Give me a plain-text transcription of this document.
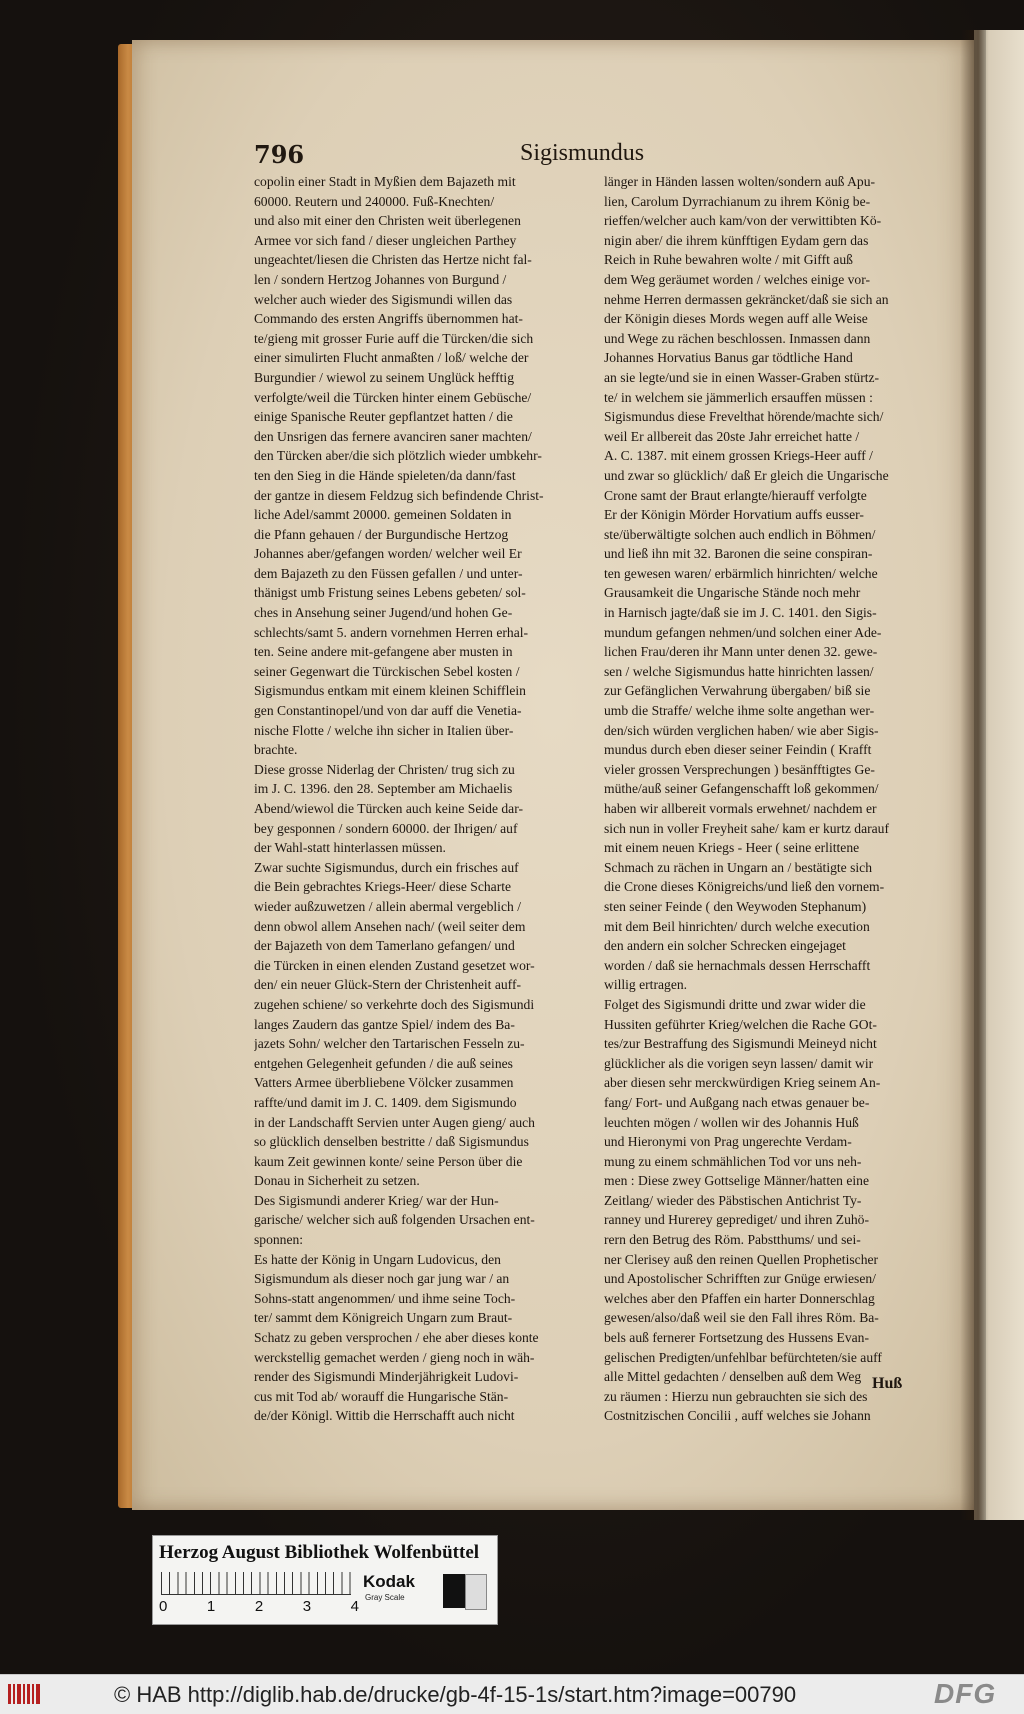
796	Sigismundus
copolin einer Stadt in Myßien dem Bajazeth mit
60000. Reutern und 240000. Fuß-Knechten/
und also mit einer den Christen weit überlegenen
Armee vor sich fand / dieser ungleichen Parthey
ungeachtet/liesen die Christen das Hertze nicht fal-
len / sondern Hertzog Johannes von Burgund /
welcher auch wieder des Sigismundi willen das
Commando des ersten Angriffs übernommen hat-
te/gieng mit grosser Furie auff die Türcken/die sich
einer simulirten Flucht anmaßten / loß/ welche der
Burgundier / wiewol zu seinem Unglück hefftig
verfolgte/weil die Türcken hinter einem Gebüsche/
einige Spanische Reuter gepflantzet hatten / die
den Unsrigen das fernere avanciren saner machten/
den Türcken aber/die sich plötzlich wieder umbkehr-
ten den Sieg in die Hände spieleten/da dann/fast
der gantze in diesem Feldzug sich befindende Christ-
liche Adel/sammt 20000. gemeinen Soldaten in
die Pfann gehauen / der Burgundische Hertzog
Johannes aber/gefangen worden/ welcher weil Er
dem Bajazeth zu den Füssen gefallen / und unter-
thänigst umb Fristung seines Lebens gebeten/ sol-
ches in Ansehung seiner Jugend/und hohen Ge-
schlechts/samt 5. andern vornehmen Herren erhal-
ten. Seine andere mit-gefangene aber musten in
seiner Gegenwart die Türckischen Sebel kosten /
Sigismundus entkam mit einem kleinen Schifflein
gen Constantinopel/und von dar auff die Venetia-
nische Flotte / welche ihn sicher in Italien über-
brachte.
Diese grosse Niderlag der Christen/ trug sich zu
im J. C. 1396. den 28. September am Michaelis
Abend/wiewol die Türcken auch keine Seide dar-
bey gesponnen / sondern 60000. der Ihrigen/ auf
der Wahl-statt hinterlassen müssen.
Zwar suchte Sigismundus, durch ein frisches auf
die Bein gebrachtes Kriegs-Heer/ diese Scharte
wieder außzuwetzen / allein abermal vergeblich /
denn obwol allem Ansehen nach/ (weil seiter dem
der Bajazeth von dem Tamerlano gefangen/ und
die Türcken in einen elenden Zustand gesetzet wor-
den/ ein neuer Glück-Stern der Christenheit auff-
zugehen schiene/ so verkehrte doch des Sigismundi
langes Zaudern das gantze Spiel/ indem des Ba-
jazets Sohn/ welcher den Tartarischen Fesseln zu-
entgehen Gelegenheit gefunden / die auß seines
Vatters Armee überbliebene Völcker zusammen
raffte/und damit im J. C. 1409. dem Sigismundo
in der Landschafft Servien unter Augen gieng/ auch
so glücklich denselben bestritte / daß Sigismundus
kaum Zeit gewinnen konte/ seine Person über die
Donau in Sicherheit zu setzen.
Des Sigismundi anderer Krieg/ war der Hun-
garische/ welcher sich auß folgenden Ursachen ent-
sponnen:
Es hatte der König in Ungarn Ludovicus, den
Sigismundum als dieser noch gar jung war / an
Sohns-statt angenommen/ und ihme seine Toch-
ter/ sammt dem Königreich Ungarn zum Braut-
Schatz zu geben versprochen / ehe aber dieses konte
werckstellig gemachet werden / gieng noch in wäh-
render des Sigismundi Minderjährigkeit Ludovi-
cus mit Tod ab/ worauff die Hungarische Stän-
de/der Königl. Wittib die Herrschafft auch nicht
länger in Händen lassen wolten/sondern auß Apu-
lien, Carolum Dyrrachianum zu ihrem König be-
rieffen/welcher auch kam/von der verwittibten Kö-
nigin aber/ die ihrem künfftigen Eydam gern das
Reich in Ruhe bewahren wolte / mit Gifft auß
dem Weg geräumet worden / welches einige vor-
nehme Herren dermassen gekräncket/daß sie sich an
der Königin dieses Mords wegen auff alle Weise
und Wege zu rächen beschlossen. Inmassen dann
Johannes Horvatius Banus gar tödtliche Hand
an sie legte/und sie in einen Wasser-Graben stürtz-
te/ in welchem sie jämmerlich ersauffen müssen :
Sigismundus diese Frevelthat hörende/machte sich/
weil Er allbereit das 20ste Jahr erreichet hatte /
A. C. 1387. mit einem grossen Kriegs-Heer auff /
und zwar so glücklich/ daß Er gleich die Ungarische
Crone samt der Braut erlangte/hierauff verfolgte
Er der Königin Mörder Horvatium auffs eusser-
ste/überwältigte solchen auch endlich in Böhmen/
und ließ ihn mit 32. Baronen die seine conspiran-
ten gewesen waren/ erbärmlich hinrichten/ welche
Grausamkeit die Ungarische Stände noch mehr
in Harnisch jagte/daß sie im J. C. 1401. den Sigis-
mundum gefangen nehmen/und solchen einer Ade-
lichen Frau/deren ihr Mann unter denen 32. gewe-
sen / welche Sigismundus hatte hinrichten lassen/
zur Gefänglichen Verwahrung übergaben/ biß sie
umb die Straffe/ welche ihme solte angethan wer-
den/sich würden verglichen haben/ wie aber Sigis-
mundus durch eben dieser seiner Feindin ( Krafft
vieler grossen Versprechungen ) besänfftigtes Ge-
müthe/auß seiner Gefangenschafft loß gekommen/
haben wir allbereit vormals erwehnet/ nachdem er
sich nun in voller Freyheit sahe/ kam er kurtz darauf
mit einem neuen Kriegs - Heer ( seine erlittene
Schmach zu rächen in Ungarn an / bestätigte sich
die Crone dieses Königreichs/und ließ den vornem-
sten seiner Feinde ( den Weywoden Stephanum)
mit dem Beil hinrichten/ durch welche execution
den andern ein solcher Schrecken eingejaget
worden / daß sie hernachmals dessen Herrschafft
willig ertragen.
Folget des Sigismundi dritte und zwar wider die
Hussiten geführter Krieg/welchen die Rache GOt-
tes/zur Bestraffung des Sigismundi Meineyd nicht
glücklicher als die vorigen seyn lassen/ damit wir
aber diesen sehr merckwürdigen Krieg seinem An-
fang/ Fort- und Außgang nach etwas genauer be-
leuchten mögen / wollen wir des Johannis Huß
und Hieronymi von Prag ungerechte Verdam-
mung zu einem schmählichen Tod vor uns neh-
men : Diese zwey Gottselige Männer/hatten eine
Zeitlang/ wieder des Päbstischen Antichrist Ty-
ranney und Hurerey geprediget/ und ihren Zuhö-
rern den Betrug des Röm. Pabstthums/ und sei-
ner Clerisey auß den reinen Quellen Prophetischer
und Apostolischer Schrifften zur Gnüge erwiesen/
welches aber den Pfaffen ein harter Donnerschlag
gewesen/also/daß weil sie den Fall ihres Röm. Ba-
bels auß fernerer Fortsetzung des Hussens Evan-
gelischen Predigten/unfehlbar befürchteten/sie auff
alle Mittel gedachten / denselben auß dem Weg
zu räumen : Hierzu nun gebrauchten sie sich des
Costnitzischen Concilii , auff welches sie Johann
Huß
Herzog August Bibliothek Wolfenbüttel
0	1	2	3	4
Kodak
Gray Scale
© HAB http://diglib.hab.de/drucke/gb-4f-15-1s/start.htm?image=00790	DFG
